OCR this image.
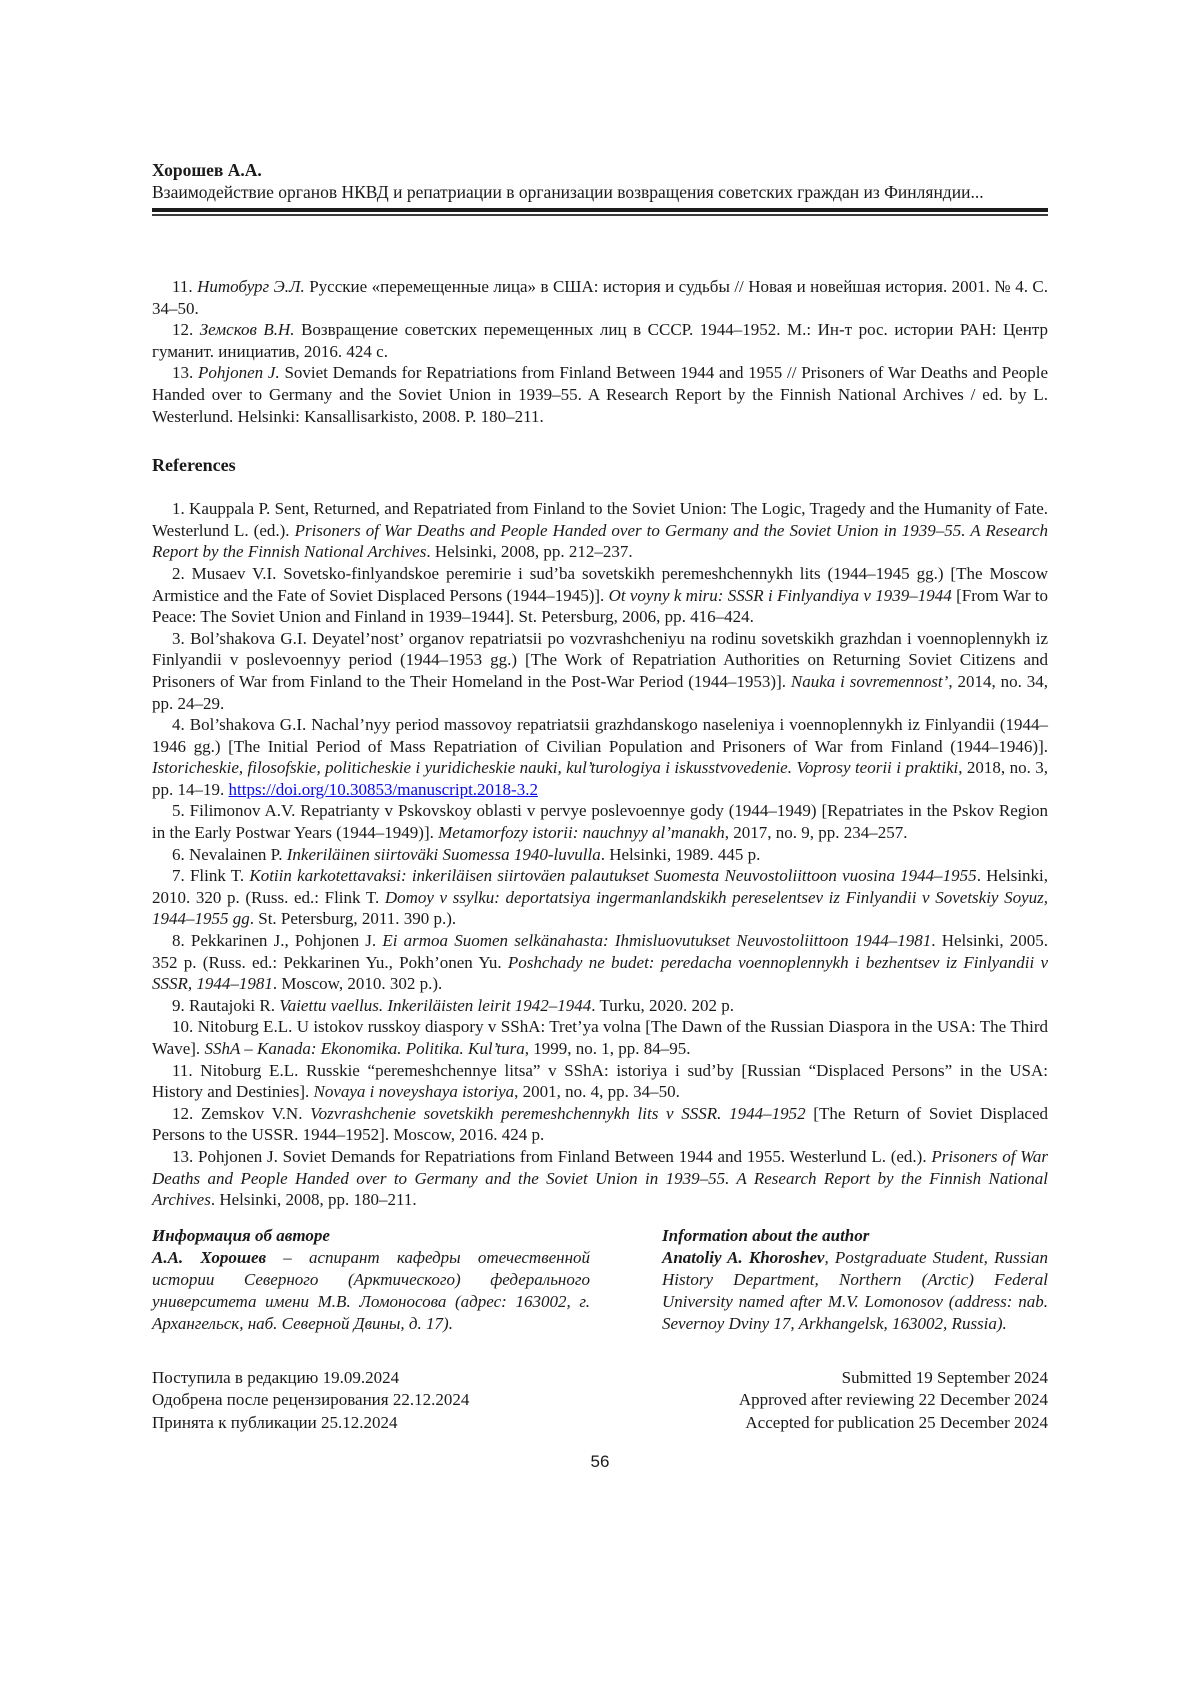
Хорошев А.А.
Взаимодействие органов НКВД и репатриации в организации возвращения советских граждан из Финляндии...

11. Нитобург Э.Л. Русские «перемещенные лица» в США: история и судьбы // Новая и новейшая история. 2001. № 4. С. 34–50.

12. Земсков В.Н. Возвращение советских перемещенных лиц в СССР. 1944–1952. М.: Ин-т рос. истории РАН: Центр гуманит. инициатив, 2016. 424 с.

13. Pohjonen J. Soviet Demands for Repatriations from Finland Between 1944 and 1955 // Prisoners of War Deaths and People Handed over to Germany and the Soviet Union in 1939–55. A Research Report by the Finnish National Archives / ed. by L. Westerlund. Helsinki: Kansallisarkisto, 2008. P. 180–211.

References

1. Kauppala P. Sent, Returned, and Repatriated from Finland to the Soviet Union: The Logic, Tragedy and the Humanity of Fate. Westerlund L. (ed.). Prisoners of War Deaths and People Handed over to Germany and the Soviet Union in 1939–55. A Research Report by the Finnish National Archives. Helsinki, 2008, pp. 212–237.

2. Musaev V.I. Sovetsko-finlyandskoe peremirie i sud’ba sovetskikh peremeshchennykh lits (1944–1945 gg.) [The Moscow Armistice and the Fate of Soviet Displaced Persons (1944–1945)]. Ot voyny k miru: SSSR i Finlyandiya v 1939–1944 [From War to Peace: The Soviet Union and Finland in 1939–1944]. St. Petersburg, 2006, pp. 416–424.

3. Bol’shakova G.I. Deyatel’nost’ organov repatriatsii po vozvrashcheniyu na rodinu sovetskikh grazhdan i voennoplennykh iz Finlyandii v poslevoennyy period (1944–1953 gg.) [The Work of Repatriation Authorities on Returning Soviet Citizens and Prisoners of War from Finland to the Their Homeland in the Post-War Period (1944–1953)]. Nauka i sovremennost’, 2014, no. 34, pp. 24–29.

4. Bol’shakova G.I. Nachal’nyy period massovoy repatriatsii grazhdanskogo naseleniya i voennoplennykh iz Finlyandii (1944–1946 gg.) [The Initial Period of Mass Repatriation of Civilian Population and Prisoners of War from Finland (1944–1946)]. Istoricheskie, filosofskie, politicheskie i yuridicheskie nauki, kul’turologiya i iskusstvovedenie. Voprosy teorii i praktiki, 2018, no. 3, pp. 14–19. https://doi.org/10.30853/manuscript.2018-3.2

5. Filimonov A.V. Repatrianty v Pskovskoy oblasti v pervye poslevoennye gody (1944–1949) [Repatriates in the Pskov Region in the Early Postwar Years (1944–1949)]. Metamorfozy istorii: nauchnyy al’manakh, 2017, no. 9, pp. 234–257.

6. Nevalainen P. Inkeriläinen siirtoväki Suomessa 1940-luvulla. Helsinki, 1989. 445 p.

7. Flink T. Kotiin karkotettavaksi: inkeriläisen siirtoväen palautukset Suomesta Neuvostoliittoon vuosina 1944–1955. Helsinki, 2010. 320 p. (Russ. ed.: Flink T. Domoy v ssylku: deportatsiya ingermanlandskikh pereselentsev iz Finlyandii v Sovetskiy Soyuz, 1944–1955 gg. St. Petersburg, 2011. 390 p.).

8. Pekkarinen J., Pohjonen J. Ei armoa Suomen selkänahasta: Ihmisluovutukset Neuvostoliittoon 1944–1981. Helsinki, 2005. 352 p. (Russ. ed.: Pekkarinen Yu., Pokh’onen Yu. Poshchady ne budet: peredacha voennoplennykh i bezhentsev iz Finlyandii v SSSR, 1944–1981. Moscow, 2010. 302 p.).

9. Rautajoki R. Vaiettu vaellus. Inkeriläisten leirit 1942–1944. Turku, 2020. 202 p.

10. Nitoburg E.L. U istokov russkoy diaspory v SShA: Tret’ya volna [The Dawn of the Russian Diaspora in the USA: The Third Wave]. SShA – Kanada: Ekonomika. Politika. Kul’tura, 1999, no. 1, pp. 84–95.

11. Nitoburg E.L. Russkie “peremeshchennye litsa” v SShA: istoriya i sud’by [Russian “Displaced Persons” in the USA: History and Destinies]. Novaya i noveyshaya istoriya, 2001, no. 4, pp. 34–50.

12. Zemskov V.N. Vozvrashchenie sovetskikh peremeshchennykh lits v SSSR. 1944–1952 [The Return of Soviet Displaced Persons to the USSR. 1944–1952]. Moscow, 2016. 424 p.

13. Pohjonen J. Soviet Demands for Repatriations from Finland Between 1944 and 1955. Westerlund L. (ed.). Prisoners of War Deaths and People Handed over to Germany and the Soviet Union in 1939–55. A Research Report by the Finnish National Archives. Helsinki, 2008, pp. 180–211.

Информация об авторе

А.А. Хорошев – аспирант кафедры отечественной истории Северного (Арктического) федерального университета имени М.В. Ломоносова (адрес: 163002, г. Архангельск, наб. Северной Двины, д. 17).

Information about the author

Anatoliy A. Khoroshev, Postgraduate Student, Russian History Department, Northern (Arctic) Federal University named after M.V. Lomonosov (address: nab. Severnoy Dviny 17, Arkhangelsk, 163002, Russia).

Поступила в редакцию 19.09.2024
Одобрена после рецензирования 22.12.2024
Принята к публикации 25.12.2024
Submitted 19 September 2024
Approved after reviewing 22 December 2024
Accepted for publication 25 December 2024
56
